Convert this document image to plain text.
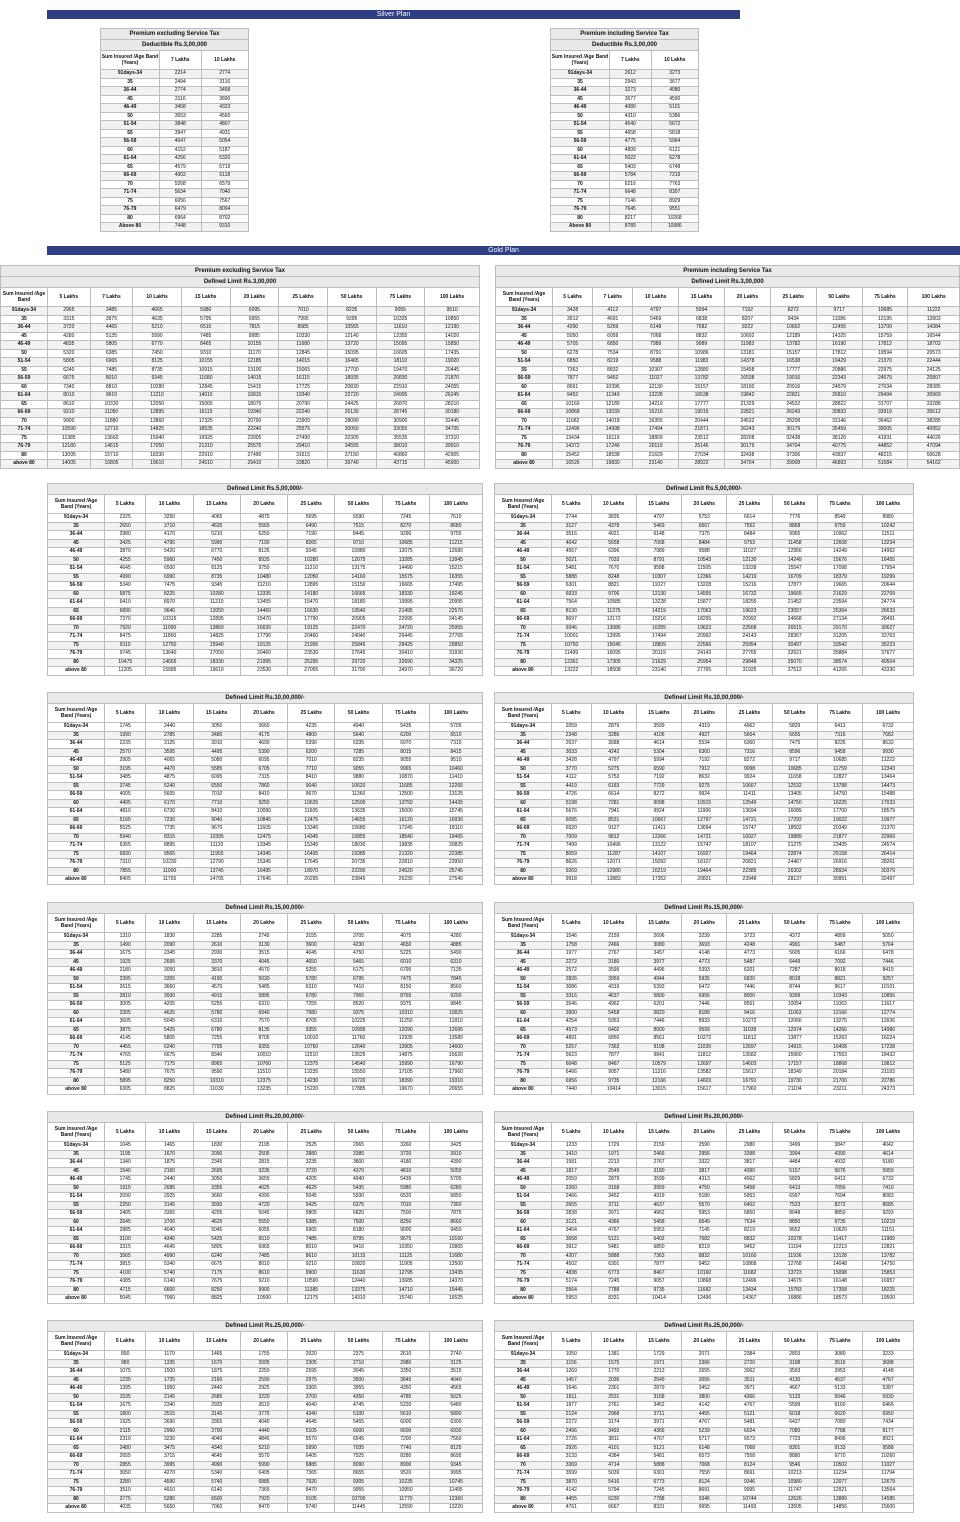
Silver Plan
Premium excluding Service Tax		
Deductible Rs.3,00,000		
Sum Insured /Age Band (Years)	7 Lakhs	10 Lakhs
91days-34	2214	2774
35	2494	3116
36-44	2774	3458
45	3116	3890
46-49	3458	4323
50	3653	4565
51-54	3848	4807
55	3947	4931
56-59	4047	5054
60	4152	5187
61-64	4256	5320
65	4579	5719
66-69	4902	6118
70	5268	6579
71-74	5634	7040
75	6056	7567
76-79	6479	8094
80	6964	8702
Above 80	7448	9310
Premium including Service Tax		
Deductible Rs.3,00,000		
Sum Insured /Age Band (Years)	7 Lakhs	10 Lakhs
91days-34	2612	3273
35	2943	3677
36-44	3273	4080
45	3677	4590
46-49	4080	5101
50	4310	5386
51-54	4540	5672
55	4658	5818
56-59	4775	5964
60	4899	6121
61-64	5022	6278
65	5403	6748
66-69	5784	7219
70	6216	7763
71-74	6648	8307
75	7146	8929
76-79	7645	9551
80	8217	10268
Above 80	8789	10986
Gold Plan
Premium excluding Service Tax									
Defined Limit Rs.3,00,000									
Sum Insured /Age Band	5 Lakhs	7 Lakhs	10 Lakhs	15 Lakhs	20 Lakhs	25 Lakhs	50 Lakhs	75 Lakhs	100 Lakhs
91days-34	2965	3485	4665	5980	6095	7010	8235	9055	9510
35	3315	3975	4635	5795	6955	7995	9395	10335	10850
36-44	3720	4465	5210	6510	7815	8985	10555	11610	12190
45	4280	5135	5990	7485	8985	10330	12140	13355	14020
46-49	4835	5805	6770	8465	10155	11680	13720	15095	15850
50	5320	6385	7450	9310	11170	12845	15095	16605	17435
51-54	5805	6965	8125	10155	12185	14015	16465	18110	19020
55	6240	7485	8735	10915	13100	15065	17700	19470	20445
56-59	6675	8010	9345	11680	14015	16115	18935	20830	21870
60	7340	8810	10280	12845	15415	17725	20830	22910	24055
61-64	8010	9610	11210	14015	16815	19340	22720	24995	26245
65	8610	10330	12050	15065	18075	20790	24425	26870	28210
66-69	9210	11050	12895	16115	19340	22240	26130	28745	30180
70	9900	11880	13860	17325	20790	23905	28090	30900	32445
71-74	10590	12710	14825	18535	22240	25575	30050	33055	34705
75	11385	13660	15940	19925	23905	27490	32305	35535	37310
76-79	12180	14615	17050	21310	25575	29410	34555	38010	39910
80	13095	15710	18330	22910	27490	31615	37150	40860	42905
above 80	14005	16805	19610	24510	29410	33820	39740	43715	45900
Premium including Service Tax									
Defined Limit Rs.3,00,000									
Sum Insured /Age Band (Years)	5 Lakhs	7 Lakhs	10 Lakhs	15 Lakhs	20 Lakhs	25 Lakhs	50 Lakhs	75 Lakhs	100 Lakhs
91days-34	3428	4112	4797	5994	7192	8272	9717	10685	11222
35	3912	4691	5469	6838	8207	9434	11086	12195	12803
36-44	4390	5269	6148	7682	9222	10602	12455	13700	14384
45	5050	6059	7068	8832	10602	12189	14325	15759	16544
46-49	5705	6850	7989	9989	11983	13782	16190	17812	18703
50	6278	7534	8791	10986	13181	15157	17812	19594	20573
51-54	6850	8219	9588	11983	14378	16538	19429	21370	22444
55	7363	8832	10307	12880	15458	17777	20886	22975	24125
56-59	7877	9452	11027	13782	16538	19016	22343	24579	25807
60	8661	10396	12130	15157	18190	20916	24579	27034	28385
61-64	9452	11340	13228	16538	19842	22821	26810	29494	30969
65	10160	12189	14219	17777	21329	24532	28822	31707	33288
66-69	10868	13039	15216	19016	22821	26243	30833	33919	35612
70	11682	14018	16355	20444	24532	28208	33146	36462	38285
71-74	12496	14998	17494	21871	26243	30179	35459	39005	40952
75	13434	16119	18809	23512	28208	32438	38120	41931	44026
76-79	14372	17246	20119	25146	30179	34704	40775	44852	47094
80	15452	18538	21629	27034	32438	37306	43837	48215	50628
above 80	16526	19830	23140	28922	34704	39908	46893	51584	54162
Defined Limit Rs.5,00,000/-								
Sum Insured /Age Band (Years)	5 Lakhs	10 Lakhs	15 Lakhs	20 Lakhs	25 Lakhs	50 Lakhs	75 Lakhs	100 Lakhs
91days-34	2325	3250	4065	4875	5695	6590	7245	7610
35	2650	3710	4635	5565	6490	7515	8270	8680
36-44	2980	4170	5210	6250	7190	8445	9290	9755
45	3425	4795	5990	7190	8265	9710	10685	11215
46-49	3870	5420	6770	8125	9345	10980	12075	12680
50	4255	5960	7450	8935	10280	12075	13285	13945
51-54	4645	6500	8125	9750	11210	13175	14490	15215
55	4990	6990	8735	10480	12050	14160	15575	16355
56-59	5340	7475	9345	11210	12895	15150	16665	17495
60	5875	8225	10280	12335	14180	16665	18330	19245
61-64	6410	8970	11210	13455	15470	18180	19995	20995
65	6890	9640	12050	14460	16630	19540	21495	22570
66-69	7370	10315	12895	15470	17790	20905	22995	24145
70	7920	11090	13860	16630	19125	22470	24720	25955
71-74	8475	11860	14825	17790	20460	24040	26445	27765
75	9110	12750	15940	19125	21995	25845	28425	29850
76-79	9745	13640	17050	20460	23530	27645	30410	31930
80	10475	14665	18330	21995	25295	29720	32690	34325
above 80	11205	15685	19610	23530	27055	31790	34970	36720
Defined Limit Rs.5,00,000/-								
Sum Insured /Age Band (Years)	5 Lakhs	10 Lakhs	15 Lakhs	20 Lakhs	25 Lakhs	50 Lakhs	75 Lakhs	100 Lakhs
91days-34	2744	3835	4797	5753	6614	7776	8549	8980
35	3127	4378	5469	6567	7552	8868	9759	10242
36-44	3516	4921	6148	7375	8484	9965	10962	11511
45	4042	5658	7068	8484	9753	11458	12608	13234
46-49	4567	6396	7989	9588	11027	12956	14249	14962
50	5021	7033	8791	10543	12130	14249	15676	16455
51-54	5481	7670	9588	11505	13228	15547	17098	17954
55	5888	8248	10307	12366	14219	16709	18379	19299
56-59	6301	8821	11027	13228	15216	17877	19665	20644
60	6933	9706	12130	14555	16732	19665	21629	22709
61-64	7564	10585	13228	15877	18255	21452	23594	24774
65	8130	11375	14219	17063	19623	23057	25364	26633
66-69	8697	12172	15216	18255	20992	24668	27134	28491
70	9346	13086	16355	19623	22568	26515	29170	30627
71-74	10001	13995	17494	20992	24143	28367	31205	32763
75	10750	15045	18809	22566	25954	30497	33542	35223
76-79	11499	16095	20119	24143	27765	32621	35884	37677
80	12361	17305	21629	25954	29848	35070	38574	40504
above 80	13222	18508	23140	27765	31925	37512	41265	43330
Defined Limit Rs.10,00,000/-								
Sum Insured /Age Band (Years)	5 Lakhs	10 Lakhs	15 Lakhs	20 Lakhs	25 Lakhs	50 Lakhs	75 Lakhs	100 Lakhs
91days-34	1745	2440	3050	3660	4235	4940	5435	5705
35	1990	2785	3480	4175	4800	5640	6200	6510
36-44	2235	3125	3910	4690	5390	6335	6970	7315
45	2570	3595	4495	5390	6200	7285	8015	8415
46-49	2905	4065	5080	6095	7010	8235	9055	9510
50	3195	4470	5585	6705	7710	9055	9965	10460
51-54	3485	4875	6095	7315	8410	9880	10870	11410
55	3745	5240	6550	7860	9040	10620	11685	12265
56-59	4005	5605	7010	8410	9670	11360	12500	13125
60	4405	6170	7710	9250	10635	12500	13750	14435
61-64	4810	6730	8410	10090	11605	13635	15000	15745
65	5165	7230	9040	10845	12475	14655	16120	16930
66-69	5525	7735	9670	11605	13345	15680	17245	18110
70	5940	8315	10395	12475	14345	16855	18540	19465
71-74	6355	8895	11120	13345	15345	18030	19835	20825
75	6830	9565	11955	14345	16495	19385	21320	22385
76-79	7310	10230	12790	15345	17645	20735	22810	23950
80	7855	11000	13745	16495	18970	22290	24520	25745
above 80	8405	11765	14705	17645	20295	23845	26230	27540
Defined Limit Rs.10,00,000/-								
Sum Insured /Age Band (Years)	5 Lakhs	10 Lakhs	15 Lakhs	20 Lakhs	25 Lakhs	50 Lakhs	75 Lakhs	100 Lakhs
91days-34	2059	2879	3599	4319	4962	5829	6413	6732
35	2348	3286	4106	4927	5664	6655	7316	7682
36-44	2637	3688	4614	5534	6360	7475	8225	8632
45	3033	4242	5304	6360	7316	8596	9458	9930
46-49	3428	4797	5994	7192	8272	9717	10685	11222
50	3770	5275	6590	7912	9098	10685	11759	12343
51-54	4112	5753	7192	8632	9924	11658	12827	13464
55	4419	6183	7729	9275	10667	12532	13788	14473
56-59	4726	6614	8272	9924	11411	13405	14750	15488
60	5198	7281	9098	10915	12549	14750	16225	17033
61-64	5676	7941	9924	11906	13694	16089	17700	18579
65	6095	8531	10667	12797	14721	17293	19022	19977
66-69	6520	9127	11411	13694	15747	18502	20349	21370
70	7009	9812	12266	14721	16927	19889	21877	22969
71-74	7499	10496	13122	15747	18107	21275	23405	24574
75	8059	11287	14107	16927	19464	22874	25158	26414
76-79	8626	12071	15092	18107	20821	24467	26916	28261
80	9269	12980	16219	19464	22385	26302	28934	30379
above 80	9918	13883	17352	20821	23948	28137	30951	32497
Defined Limit Rs.15,00,000/-								
Sum Insured /Age Band (Years)	5 Lakhs	10 Lakhs	15 Lakhs	20 Lakhs	25 Lakhs	50 Lakhs	75 Lakhs	100 Lakhs
91days-34	1310	1830	2285	2745	3155	3705	4075	4280
35	1490	2090	2610	3130	3600	4230	4650	4885
36-44	1675	2345	2930	3515	4045	4750	5225	5490
45	1925	2695	3370	4045	4650	5465	6010	6310
46-49	2180	3050	3810	4570	5255	6175	6795	7135
50	2395	3355	4190	5030	5780	6795	7475	7845
51-54	2615	3660	4570	5485	6310	7410	8150	8560
55	2810	3930	4915	5895	6780	7965	8765	9200
56-59	3005	4205	5255	6310	7255	8520	9375	9845
60	3305	4625	5780	6940	7980	9375	10310	10825
61-64	3605	5045	6310	7570	8705	10225	11250	11810
65	3875	5425	6780	8135	9355	10995	12090	12695
66-69	4145	5805	7255	8705	10010	11760	12935	13580
70	4455	6240	7795	9355	10760	12640	13905	14600
71-74	4765	6675	8340	10010	11510	13525	14875	15620
75	5125	7175	8965	10760	12375	14540	15990	16790
76-79	5480	7675	9590	11510	13235	15550	17105	17960
80	5895	8250	10310	12375	14230	16720	18390	19310
above 80	6305	8825	11030	13235	15220	17885	19670	20655
Defined Limit Rs.15,00,000/-								
Sum Insured /Age Band (Years)	5 Lakhs	10 Lakhs	15 Lakhs	20 Lakhs	25 Lakhs	50 Lakhs	75 Lakhs	100 Lakhs
91days-34	1546	2159	2696	3239	3723	4372	4809	5050
35	1758	2466	3080	3693	4248	4991	5487	5764
36-44	1977	2767	3457	4148	4773	5605	6166	6478
45	2272	3180	3977	4773	5487	6449	7092	7446
46-49	2572	3599	4496	5393	6201	7287	8018	8419
50	2826	3959	4944	5935	6820	8018	8821	9257
51-54	3086	4319	5393	6472	7446	8744	9617	10101
55	3316	4637	5800	6956	8000	9399	10343	10856
56-59	3546	4962	6201	7446	8561	10054	11063	11617
60	3900	5458	6820	8189	9416	11063	12166	12774
61-64	4254	5953	7446	8933	10272	12066	13275	13936
65	4573	6402	8000	9599	11039	12974	14266	14980
66-69	4891	6850	8561	10272	11812	13877	15263	16024
70	5257	7363	9198	11039	12697	14915	16408	17228
71-74	5623	7877	9841	11812	13582	15960	17553	18432
75	6048	8467	10579	12697	14603	17157	18868	19812
76-79	6466	9057	11316	13582	15617	18349	20184	21193
80	6956	9735	12166	14603	16791	19730	21700	22786
above 80	7440	10414	13015	15617	17960	21104	23211	24373
Defined Limit Rs.20,00,000/-								
Sum Insured /Age Band (Years)	5 Lakhs	10 Lakhs	15 Lakhs	20 Lakhs	25 Lakhs	50 Lakhs	75 Lakhs	100 Lakhs
91days-34	1045	1465	1830	2195	2525	2965	3260	3425
35	1195	1670	2090	2505	2880	3385	3720	3910
36-44	1340	1875	2345	2815	3235	3800	4180	4390
45	1540	2160	2695	3235	3720	4370	4810	5050
46-49	1745	2440	3050	3655	4205	4940	5435	5705
50	1915	2685	3355	4025	4625	5435	5980	6280
51-54	2090	2925	3660	4390	5045	5930	6520	6850
55	2250	3145	3930	4720	5425	6375	7010	7360
56-59	2405	3365	4205	5045	5805	6820	7500	7875
60	2645	3700	4625	5550	6385	7500	8250	8660
61-64	2885	4040	5045	6055	6965	8180	9000	9450
65	3100	4340	5425	6510	7485	8795	9675	10160
66-69	3315	4645	5805	6965	8010	9410	10350	10865
70	3565	4990	6240	7485	8610	10115	11125	11680
71-74	3815	5340	6675	8010	9210	10820	11905	12500
75	4100	5740	7175	8610	9900	11630	12795	13435
76-79	4385	6140	7675	9210	10590	12440	13685	14370
80	4715	6600	8250	9900	11385	13375	14710	15445
above 80	5045	7060	8825	10590	12175	14310	15740	16525
Defined Limit Rs.20,00,000/-								
Sum Insured /Age Band (Years)	5 Lakhs	10 Lakhs	15 Lakhs	20 Lakhs	25 Lakhs	50 Lakhs	75 Lakhs	100 Lakhs
91days-34	1233	1729	2159	2590	2980	3499	3847	4042
35	1410	1971	2466	2956	3398	3994	4390	4614
36-44	1581	2213	2767	3322	3817	4484	4932	5180
45	1817	2549	3180	3817	4390	5157	5676	5959
46-49	2059	2879	3599	4313	4962	5829	6413	6732
50	2260	3168	3959	4750	5458	6413	7056	7410
51-54	2466	3452	4319	5180	5953	6997	7694	8083
55	2655	3711	4637	5570	6402	7523	8272	8685
56-59	2838	3971	4962	5953	6850	8048	8850	9293
60	3121	4366	5458	6549	7534	8850	9735	10219
61-64	3404	4767	5953	7145	8219	9652	10620	11151
65	3658	5121	6402	7682	8832	10378	11417	11989
66-69	3912	5481	6850	8219	9452	11104	12213	12821
70	4207	5888	7363	8832	10160	11936	13128	13782
71-74	4502	6301	7877	9452	10868	12768	14048	14750
75	4838	6773	8467	10160	11682	13723	15098	15853
76-79	5174	7245	9057	10868	12496	14679	16148	16957
80	5564	7788	9735	11682	13434	15783	17358	18225
above 80	5953	8331	10414	12496	14367	16886	18573	19500
Defined Limit Rs.25,00,000/-								
Sum Insured /Age Band (Years)	5 Lakhs	10 Lakhs	15 Lakhs	20 Lakhs	25 Lakhs	50 Lakhs	75 Lakhs	100 Lakhs
91days-34	890	1170	1465	1755	2020	2375	2610	2740
35	980	1335	1670	2005	2305	2710	2980	3125
36-44	1075	1500	1875	2250	2595	3045	3350	3515
45	1235	1725	2160	2590	2975	3500	3845	4040
46-49	1395	1950	2440	2925	3365	3955	4350	4565
50	1535	2145	2685	3220	3700	4350	4785	5025
51-54	1675	2340	2925	3510	4040	4745	5220	5480
55	1800	2515	3145	3775	4340	5100	5610	5890
56-59	1925	2690	3365	4040	4645	5455	6000	6300
60	2115	2960	3700	4440	5105	6000	6600	6930
61-64	2310	3230	4040	4845	5570	6545	7200	7560
65	2480	3475	4340	5210	5990	7035	7740	8125
66-69	2655	3715	4645	5570	6405	7525	8280	8695
70	2855	3995	4990	5990	6885	8090	8900	9345
71-74	3050	4270	5340	6405	7365	8655	9520	9995
75	3280	4590	5740	6885	7920	9305	10235	10745
76-79	3510	4910	6140	7365	8470	9955	10950	11495
80	3775	5280	6600	7920	9105	10700	11770	12360
above 80	4035	5650	7060	8470	9740	11445	12590	13220
Defined Limit Rs.25,00,000/-								
Sum Insured /Age Band (Years)	5 Lakhs	10 Lakhs	15 Lakhs	20 Lakhs	25 Lakhs	50 Lakhs	75 Lakhs	100 Lakhs
91days-34	1050	1381	1729	2071	2384	2803	3080	3233
35	1156	1575	1971	2366	2720	3198	3516	3688
36-44	1269	1770	2213	2655	3062	3593	3953	4148
45	1457	2036	2549	3056	3511	4130	4537	4767
46-49	1646	2301	2879	3452	3971	4667	5133	5387
50	1811	2531	3168	3800	4366	5133	5646	5930
51-54	1977	2761	3452	4142	4767	5599	6160	6466
55	2124	2968	3711	4455	5121	6018	6620	6950
56-59	2272	3174	3971	4767	5481	6437	7080	7434
60	2496	3493	4366	5239	6024	7080	7788	8177
61-64	2726	3811	4767	5717	6573	7723	8496	8921
65	2926	4101	5121	6148	7068	8301	9133	9588
66-69	3133	4384	5481	6573	7558	8880	9770	10260
70	3369	4714	5888	7068	8124	9546	10502	11027
71-74	3599	5039	6301	7558	8691	10213	11234	11794
75	3870	5416	6773	8124	9346	10980	12077	12679
76-79	4142	5794	7245	8691	9995	11747	12921	13564
80	4455	6230	7788	9346	10744	12626	13889	14585
above 80	4761	6667	8331	9995	11493	13505	14856	15600
